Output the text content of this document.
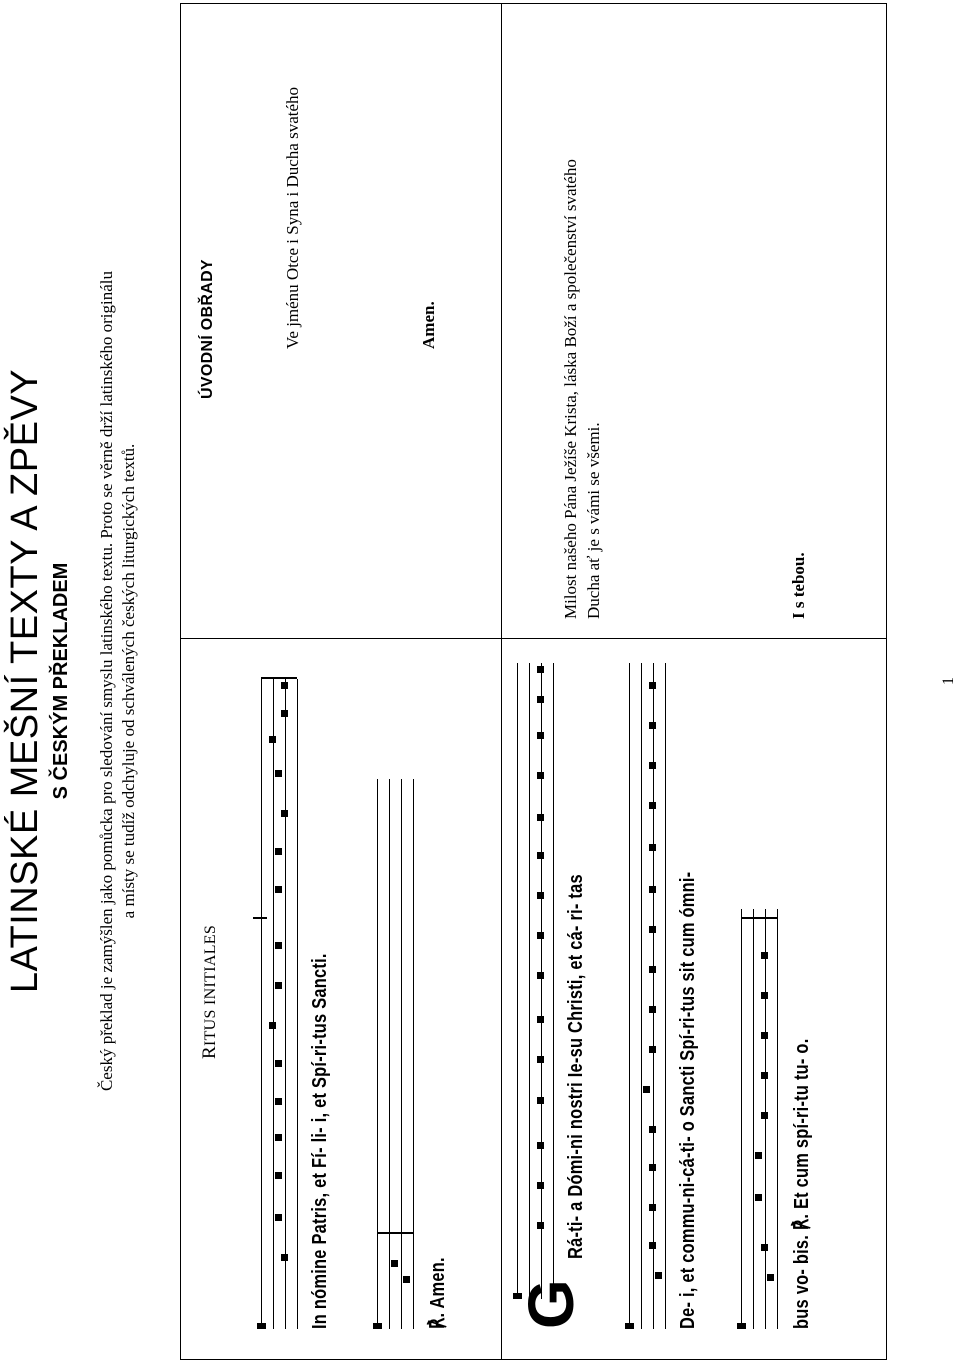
LATINSKÉ MEŠNÍ TEXTY A ZPĚVY S ČESKÝM PŘEKLADEM Český překlad je zamýšlen jako pomůcka pro sledování smyslu latinského textu. Proto se věrně drží latinského originálu a místy se tudíž odchyluje od schválených českých liturgických textů.
RITUS INITIALES	In nómine Patris, et Fí- li- i, et Spí-ri-tus Sancti.	℟. Amen. G
Rá-ti- a Dómi-ni nostri Ie-su Christi, et cá- ri- tas	De- i, et commu-ni-cá-ti- o Sancti Spí-ri-tus sit cum ómni-	bus vo- bis. ℟. Et cum spí-ri-tu tu- o.
ÚVODNÍ OBŘADY	Ve jménu Otce i Syna i Ducha svatého	Amen.	Milost našeho Pána Ježíše Krista, láska Boží a společenství svatého Ducha ať je s vámi se všemi.	I s tebou.
1
